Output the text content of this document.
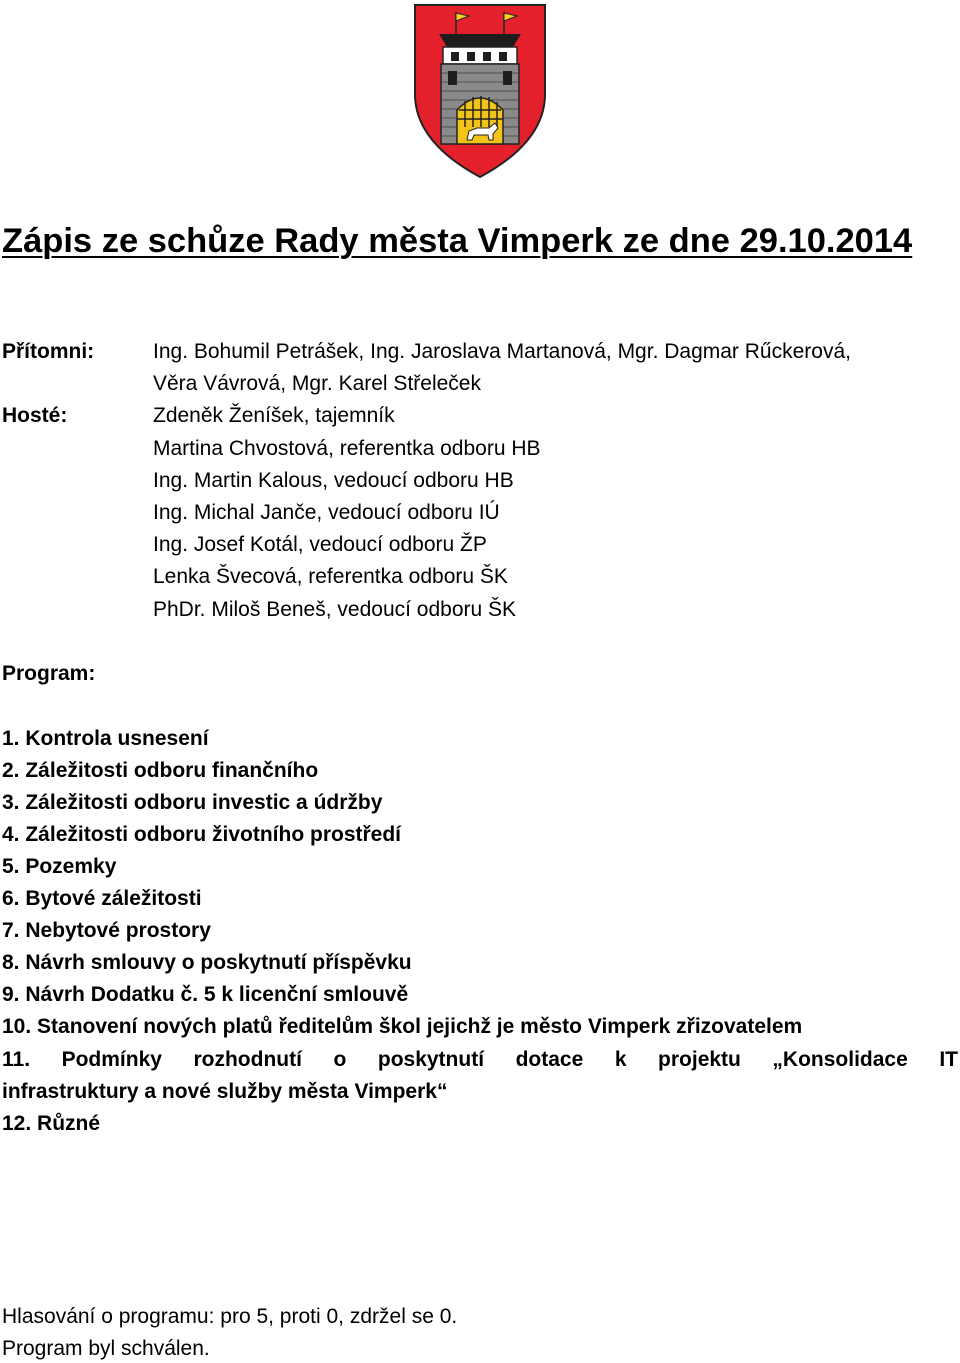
Zápis ze schůze Rady města Vimperk ze dne 29.10.2014
Přítomni:	Ing. Bohumil Petrášek, Ing. Jaroslava Martanová, Mgr. Dagmar Rűckerová,
Věra Vávrová, Mgr. Karel Střeleček
Hosté:	Zdeněk Ženíšek, tajemník
Martina Chvostová, referentka odboru HB
Ing. Martin Kalous, vedoucí odboru HB
Ing. Michal Janče, vedoucí odboru IÚ
Ing. Josef Kotál, vedoucí odboru ŽP
Lenka Švecová, referentka odboru ŠK
PhDr. Miloš Beneš, vedoucí odboru ŠK
Program:
1. Kontrola usnesení
2. Záležitosti odboru finančního
3. Záležitosti odboru investic a údržby
4. Záležitosti odboru životního prostředí
5. Pozemky
6. Bytové záležitosti
7. Nebytové prostory
8. Návrh smlouvy o poskytnutí příspěvku
9. Návrh Dodatku č. 5 k licenční smlouvě
10. Stanovení nových platů ředitelům škol jejichž je město Vimperk zřizovatelem
11. Podmínky rozhodnutí o poskytnutí dotace k projektu „Konsolidace IT
infrastruktury a nové služby města Vimperk“
12. Různé
Hlasování o programu: pro 5, proti 0, zdržel se 0.
Program byl schválen.
